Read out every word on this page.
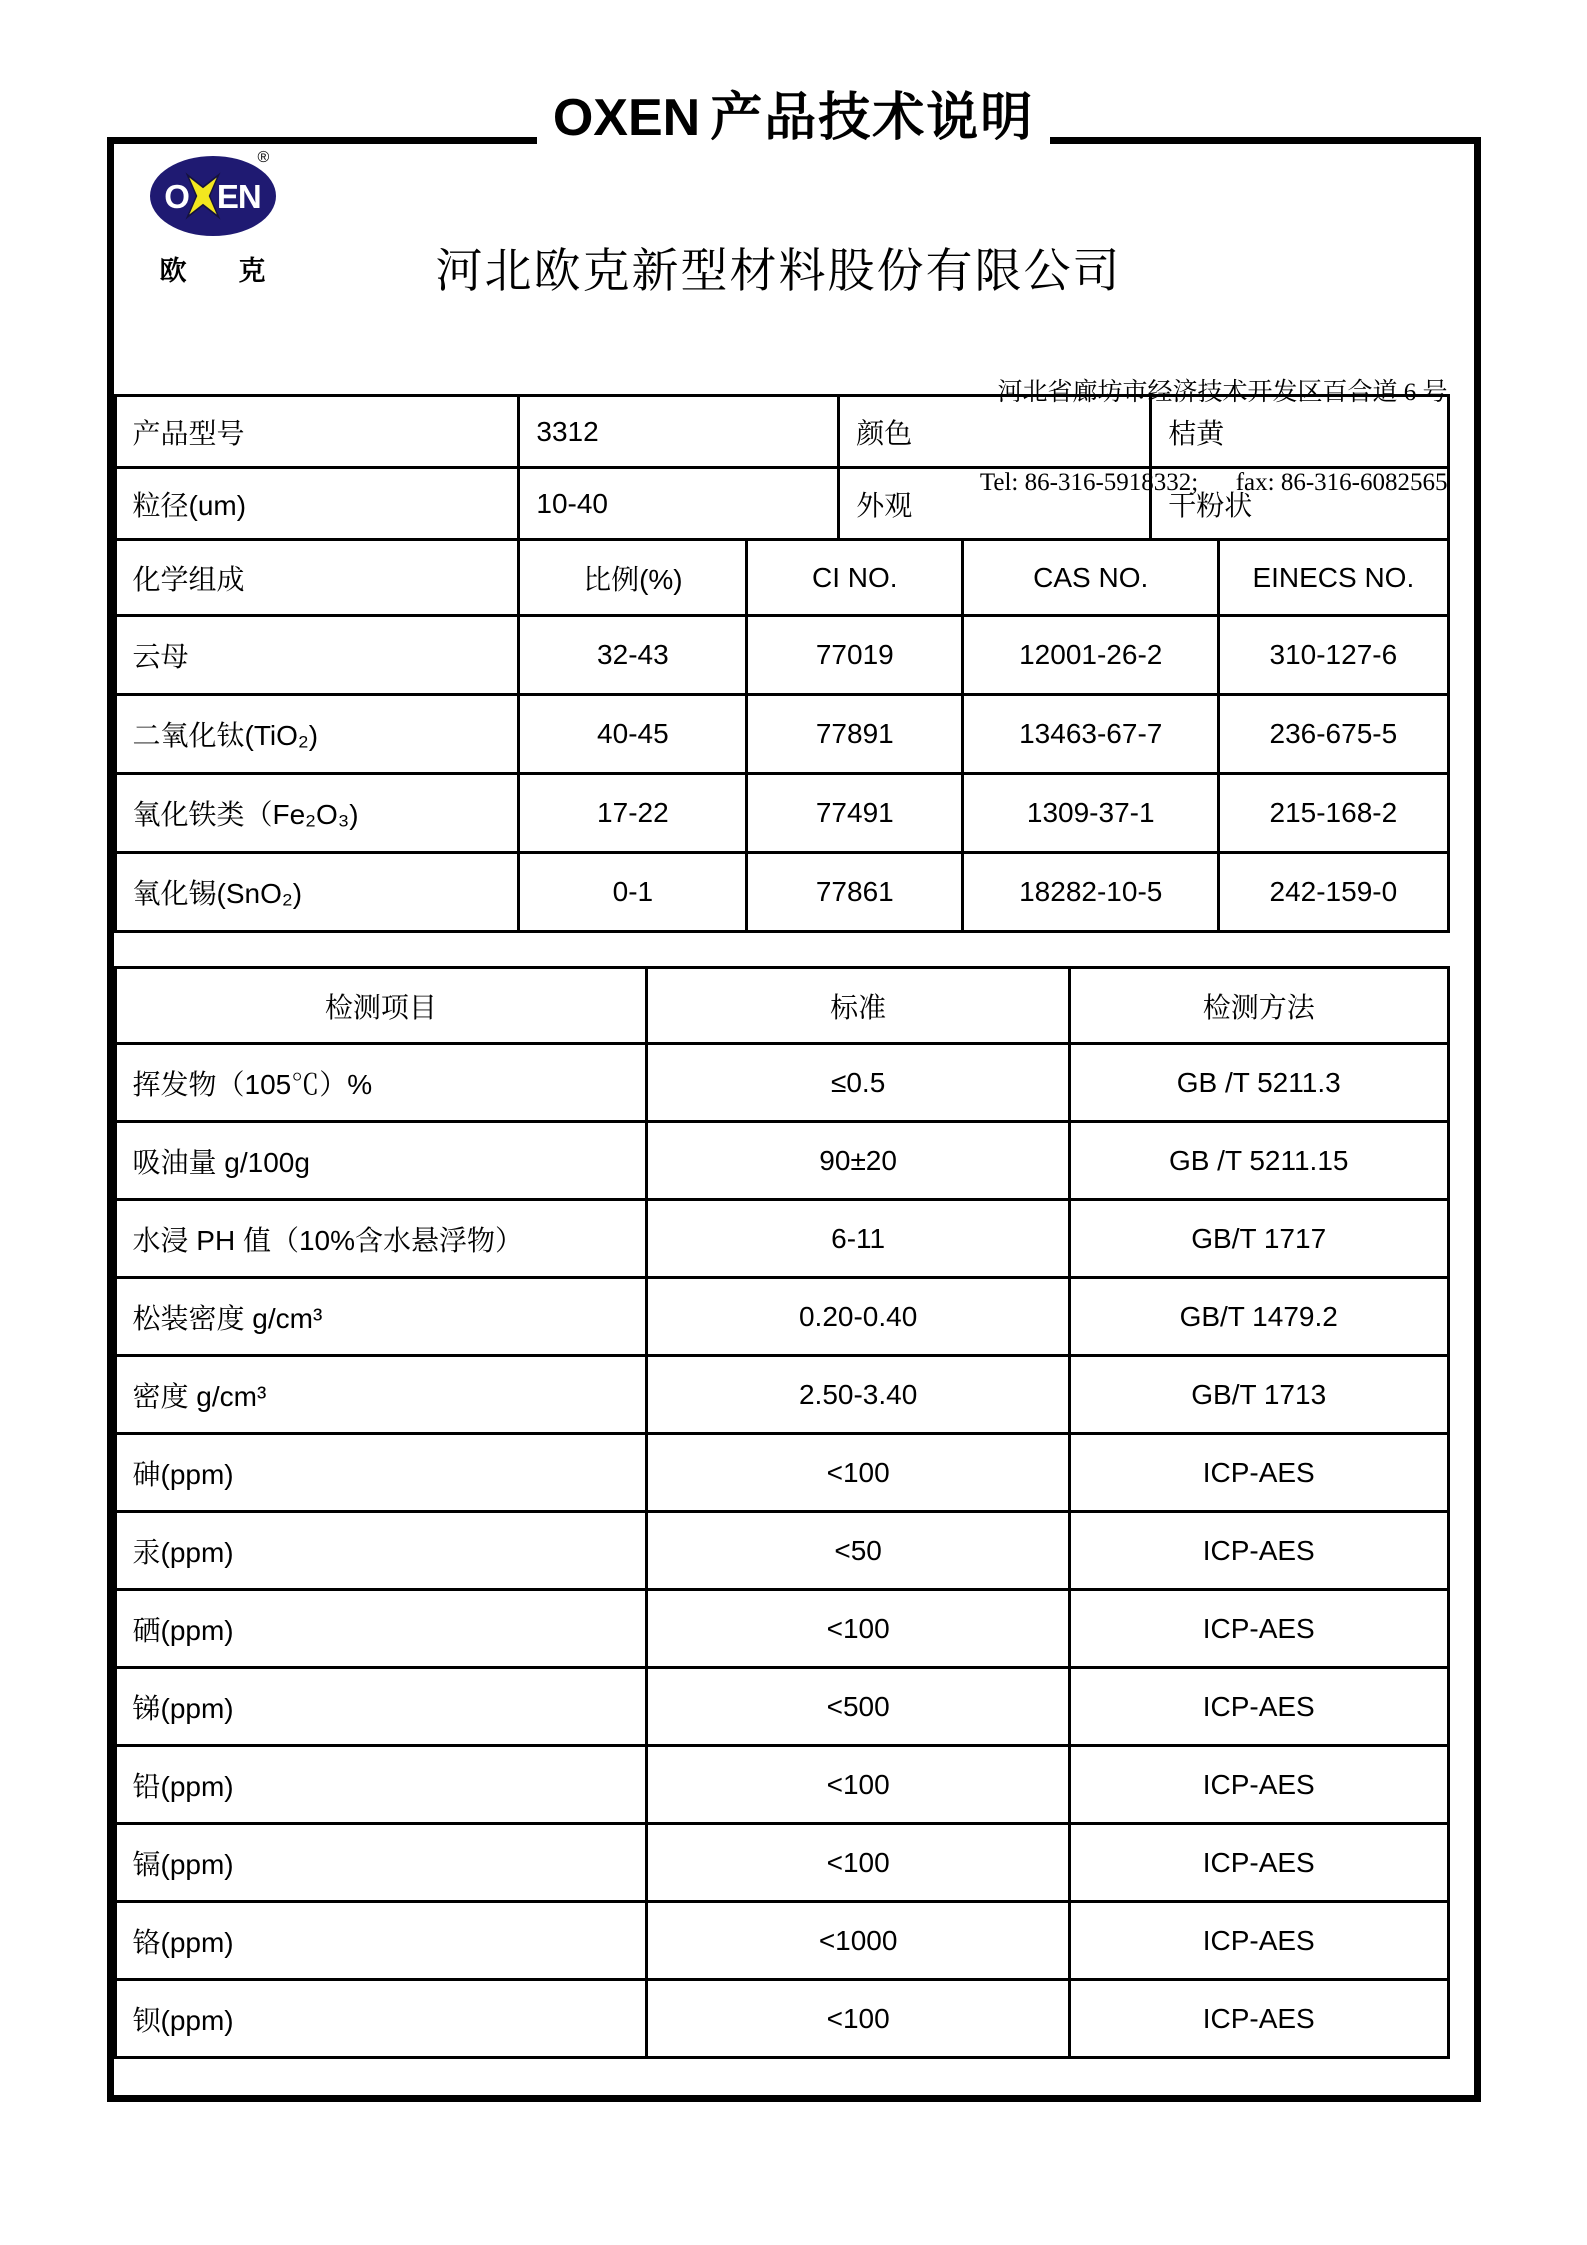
OXEN 产品技术说明
O EN
®
欧 克	河北欧克新型材料股份有限公司

河北省廊坊市经济技术开发区百合道 6 号

Tel: 86-316-5918332;      fax: 86-316-6082565

产品型号	3312	颜色	桔黄
粒径(um)	10-40	外观	干粉状
化学组成	比例(%)	CI NO.	CAS NO.	EINECS NO.
云母	32-43	77019	12001-26-2	310-127-6
二氧化钛(TiO₂)	40-45	77891	13463-67-7	236-675-5
氧化铁类（Fe₂O₃)	17-22	77491	1309-37-1	215-168-2
氧化锡(SnO₂)	0-1	77861	18282-10-5	242-159-0
检测项目	标准	检测方法
挥发物（105℃）%	≤0.5	GB /T 5211.3
吸油量 g/100g	90±20	GB /T 5211.15
水浸 PH 值（10%含水悬浮物）	6-11	GB/T 1717
松装密度 g/cm³	0.20-0.40	GB/T 1479.2
密度 g/cm³	2.50-3.40	GB/T 1713
砷(ppm)	<100	ICP-AES
汞(ppm)	<50	ICP-AES
硒(ppm)	<100	ICP-AES
锑(ppm)	<500	ICP-AES
铅(ppm)	<100	ICP-AES
镉(ppm)	<100	ICP-AES
铬(ppm)	<1000	ICP-AES
钡(ppm)	<100	ICP-AES
